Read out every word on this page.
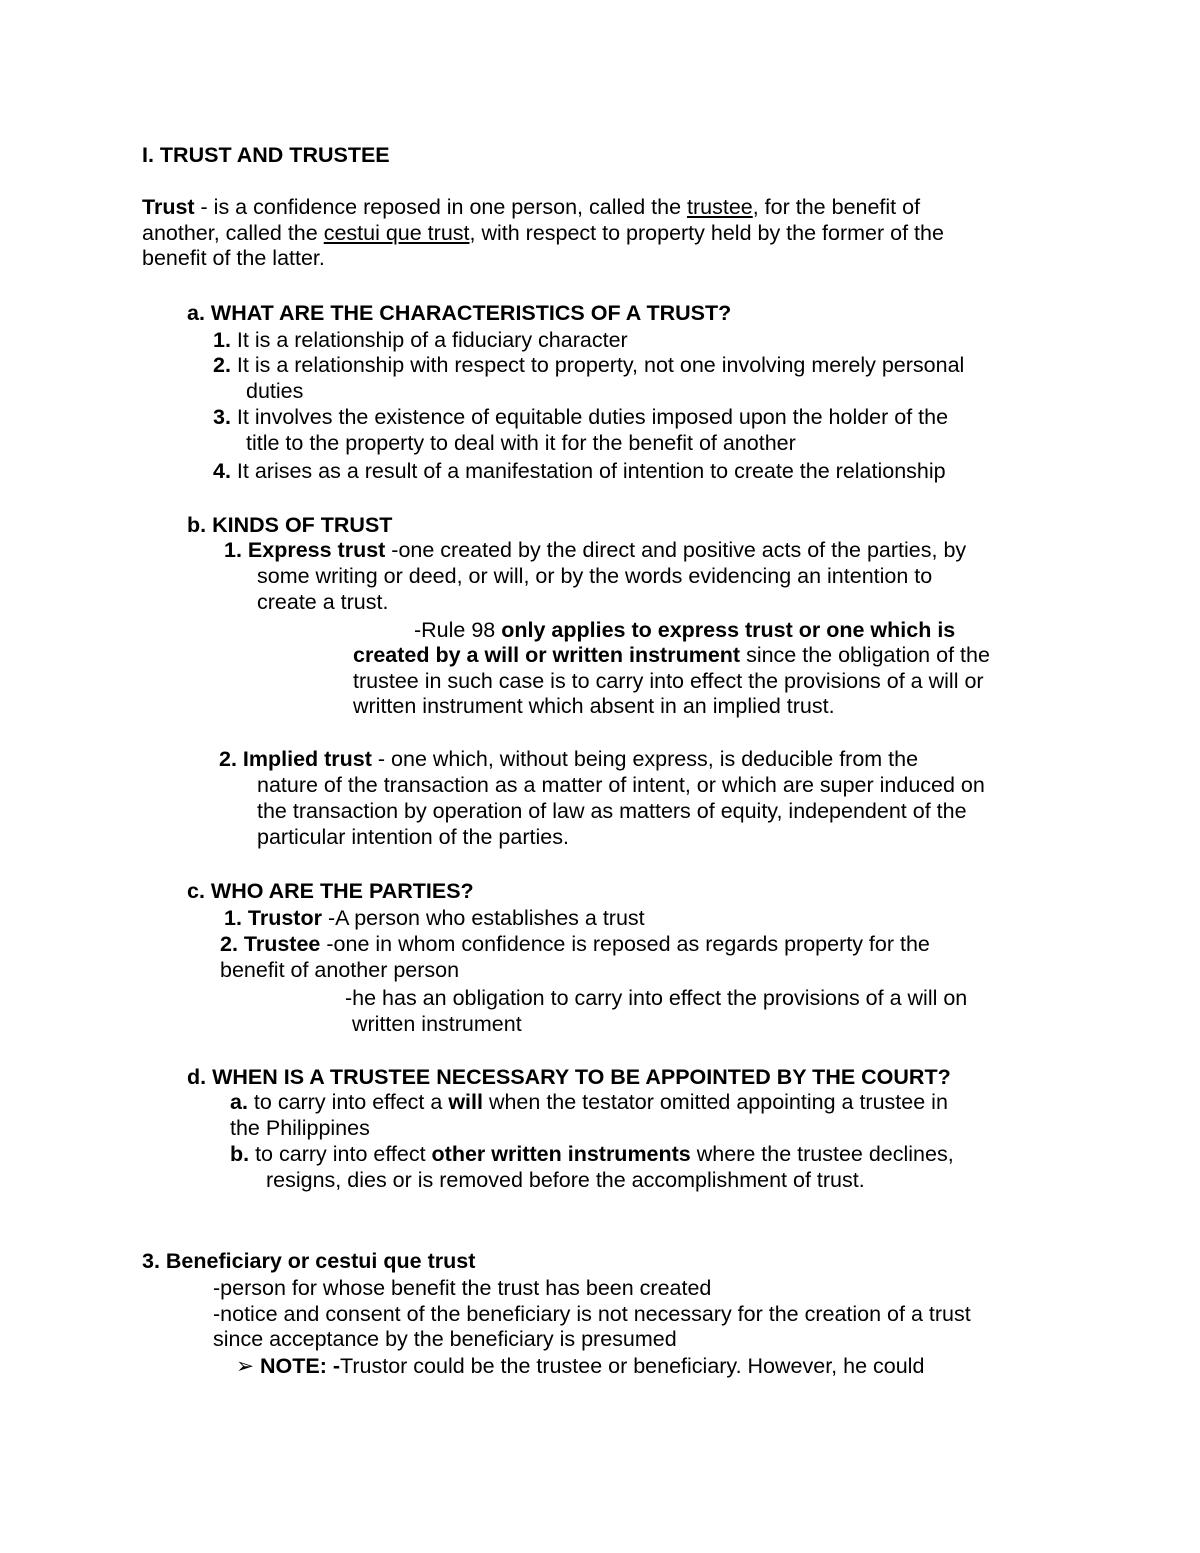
I. TRUST AND TRUSTEE
Trust - is a confidence reposed in one person, called the trustee, for the benefit of
another, called the cestui que trust, with respect to property held by the former of the
benefit of the latter.
a. WHAT ARE THE CHARACTERISTICS OF A TRUST?
1. It is a relationship of a fiduciary character
2. It is a relationship with respect to property, not one involving merely personal
duties
3. It involves the existence of equitable duties imposed upon the holder of the
title to the property to deal with it for the benefit of another
4. It arises as a result of a manifestation of intention to create the relationship
b. KINDS OF TRUST
1. Express trust -one created by the direct and positive acts of the parties, by
some writing or deed, or will, or by the words evidencing an intention to
create a trust.
-Rule 98 only applies to express trust or one which is
created by a will or written instrument since the obligation of the
trustee in such case is to carry into effect the provisions of a will or
written instrument which absent in an implied trust.
2. Implied trust - one which, without being express, is deducible from the
nature of the transaction as a matter of intent, or which are super induced on
the transaction by operation of law as matters of equity, independent of the
particular intention of the parties.
c. WHO ARE THE PARTIES?
1. Trustor -A person who establishes a trust
2. Trustee -one in whom confidence is reposed as regards property for the
benefit of another person
-he has an obligation to carry into effect the provisions of a will on
written instrument
d. WHEN IS A TRUSTEE NECESSARY TO BE APPOINTED BY THE COURT?
a. to carry into effect a will when the testator omitted appointing a trustee in
the Philippines
b. to carry into effect other written instruments where the trustee declines,
resigns, dies or is removed before the accomplishment of trust.
3. Beneficiary or cestui que trust
-person for whose benefit the trust has been created
-notice and consent of the beneficiary is not necessary for the creation of a trust
since acceptance by the beneficiary is presumed
➢ NOTE: -Trustor could be the trustee or beneficiary. However, he could
